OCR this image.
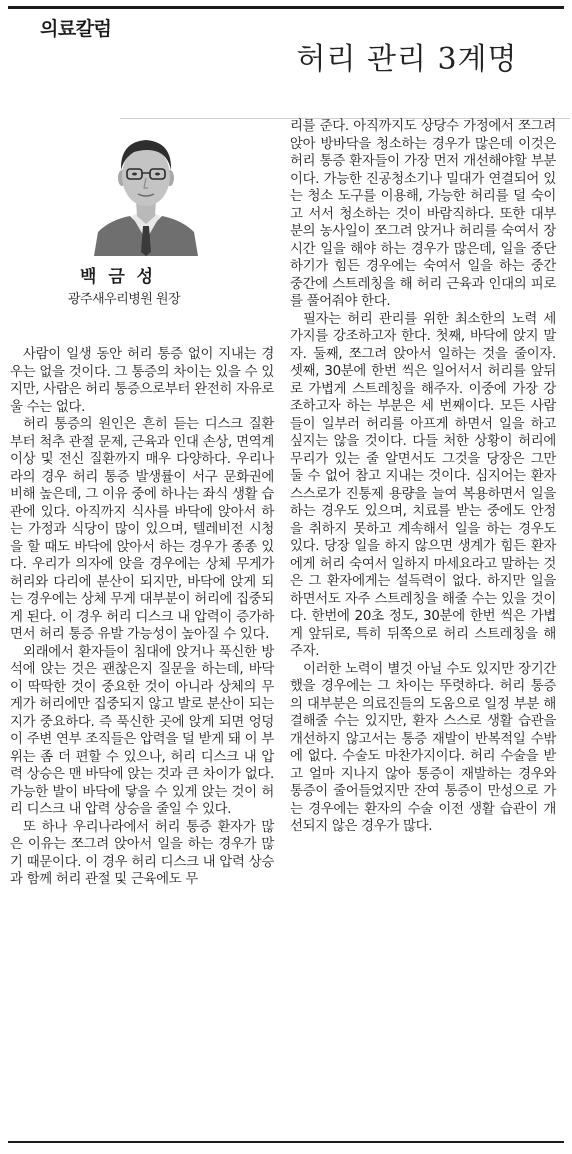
의료칼럼
허리 관리 3계명
백 금 성
광주새우리병원 원장

사람이 일생 동안 허리 통증 없이 지내는 경우는 없을 것이다. 그 통증의 차이는 있을 수 있지만, 사람은 허리 통증으로부터 완전히 자유로울 수는 없다.

허리 통증의 원인은 흔히 듣는 디스크 질환부터 척추 관절 문제, 근육과 인대 손상, 면역계 이상 및 전신 질환까지 매우 다양하다. 우리나라의 경우 허리 통증 발생률이 서구 문화권에 비해 높은데, 그 이유 중에 하나는 좌식 생활 습관에 있다. 아직까지 식사를 바닥에 앉아서 하는 가정과 식당이 많이 있으며, 텔레비전 시청을 할 때도 바닥에 앉아서 하는 경우가 종종 있다. 우리가 의자에 앉을 경우에는 상체 무게가 허리와 다리에 분산이 되지만, 바닥에 앉게 되는 경우에는 상체 무게 대부분이 허리에 집중되게 된다. 이 경우 허리 디스크 내 압력이 증가하면서 허리 통증 유발 가능성이 높아질 수 있다.

외래에서 환자들이 침대에 앉거나 푹신한 방석에 앉는 것은 괜찮은지 질문을 하는데, 바닥이 딱딱한 것이 중요한 것이 아니라 상체의 무게가 허리에만 집중되지 않고 발로 분산이 되는 지가 중요하다. 즉 푹신한 곳에 앉게 되면 엉덩이 주변 연부 조직들은 압력을 덜 받게 돼 이 부위는 좀 더 편할 수 있으나, 허리 디스크 내 압력 상승은 맨 바닥에 앉는 것과 큰 차이가 없다. 가능한 발이 바닥에 닿을 수 있게 앉는 것이 허리 디스크 내 압력 상승을 줄일 수 있다.

또 하나 우리나라에서 허리 통증 환자가 많은 이유는 쪼그려 앉아서 일을 하는 경우가 많기 때문이다. 이 경우 허리 디스크 내 압력 상승과 함께 허리 관절 및 근육에도 무

리를 준다. 아직까지도 상당수 가정에서 쪼그려 앉아 방바닥을 청소하는 경우가 많은데 이것은 허리 통증 환자들이 가장 먼저 개선해야할 부분이다. 가능한 진공청소기나 밀대가 연결되어 있는 청소 도구를 이용해, 가능한 허리를 덜 숙이고 서서 청소하는 것이 바람직하다. 또한 대부분의 농사일이 쪼그려 앉거나 허리를 숙여서 장시간 일을 해야 하는 경우가 많은데, 일을 중단하기가 힘든 경우에는 숙여서 일을 하는 중간 중간에 스트레칭을 해 허리 근육과 인대의 피로를 풀어줘야 한다.

필자는 허리 관리를 위한 최소한의 노력 세 가지를 강조하고자 한다. 첫째, 바닥에 앉지 말자. 둘째, 쪼그려 앉아서 일하는 것을 줄이자. 셋째, 30분에 한번 씩은 일어서서 허리를 앞뒤로 가볍게 스트레칭을 해주자. 이중에 가장 강조하고자 하는 부분은 세 번째이다. 모든 사람들이 일부러 허리를 아프게 하면서 일을 하고 싶지는 않을 것이다. 다들 처한 상황이 허리에 무리가 있는 줄 알면서도 그것을 당장은 그만 둘 수 없어 참고 지내는 것이다. 심지어는 환자 스스로가 진통제 용량을 늘여 복용하면서 일을 하는 경우도 있으며, 치료를 받는 중에도 안정을 취하지 못하고 계속해서 일을 하는 경우도 있다. 당장 일을 하지 않으면 생계가 힘든 환자에게 허리 숙여서 일하지 마세요라고 말하는 것은 그 환자에게는 설득력이 없다. 하지만 일을 하면서도 자주 스트레칭을 해줄 수는 있을 것이다. 한번에 20초 정도, 30분에 한번 씩은 가볍게 앞뒤로, 특히 뒤쪽으로 허리 스트레칭을 해주자.

이러한 노력이 별것 아닐 수도 있지만 장기간 했을 경우에는 그 차이는 뚜렷하다. 허리 통증의 대부분은 의료진들의 도움으로 일정 부분 해결해줄 수는 있지만, 환자 스스로 생활 습관을 개선하지 않고서는 통증 재발이 반복적일 수밖에 없다. 수술도 마찬가지이다. 허리 수술을 받고 얼마 지나지 않아 통증이 재발하는 경우와 통증이 줄어들었지만 잔여 통증이 만성으로 가는 경우에는 환자의 수술 이전 생활 습관이 개선되지 않은 경우가 많다.
